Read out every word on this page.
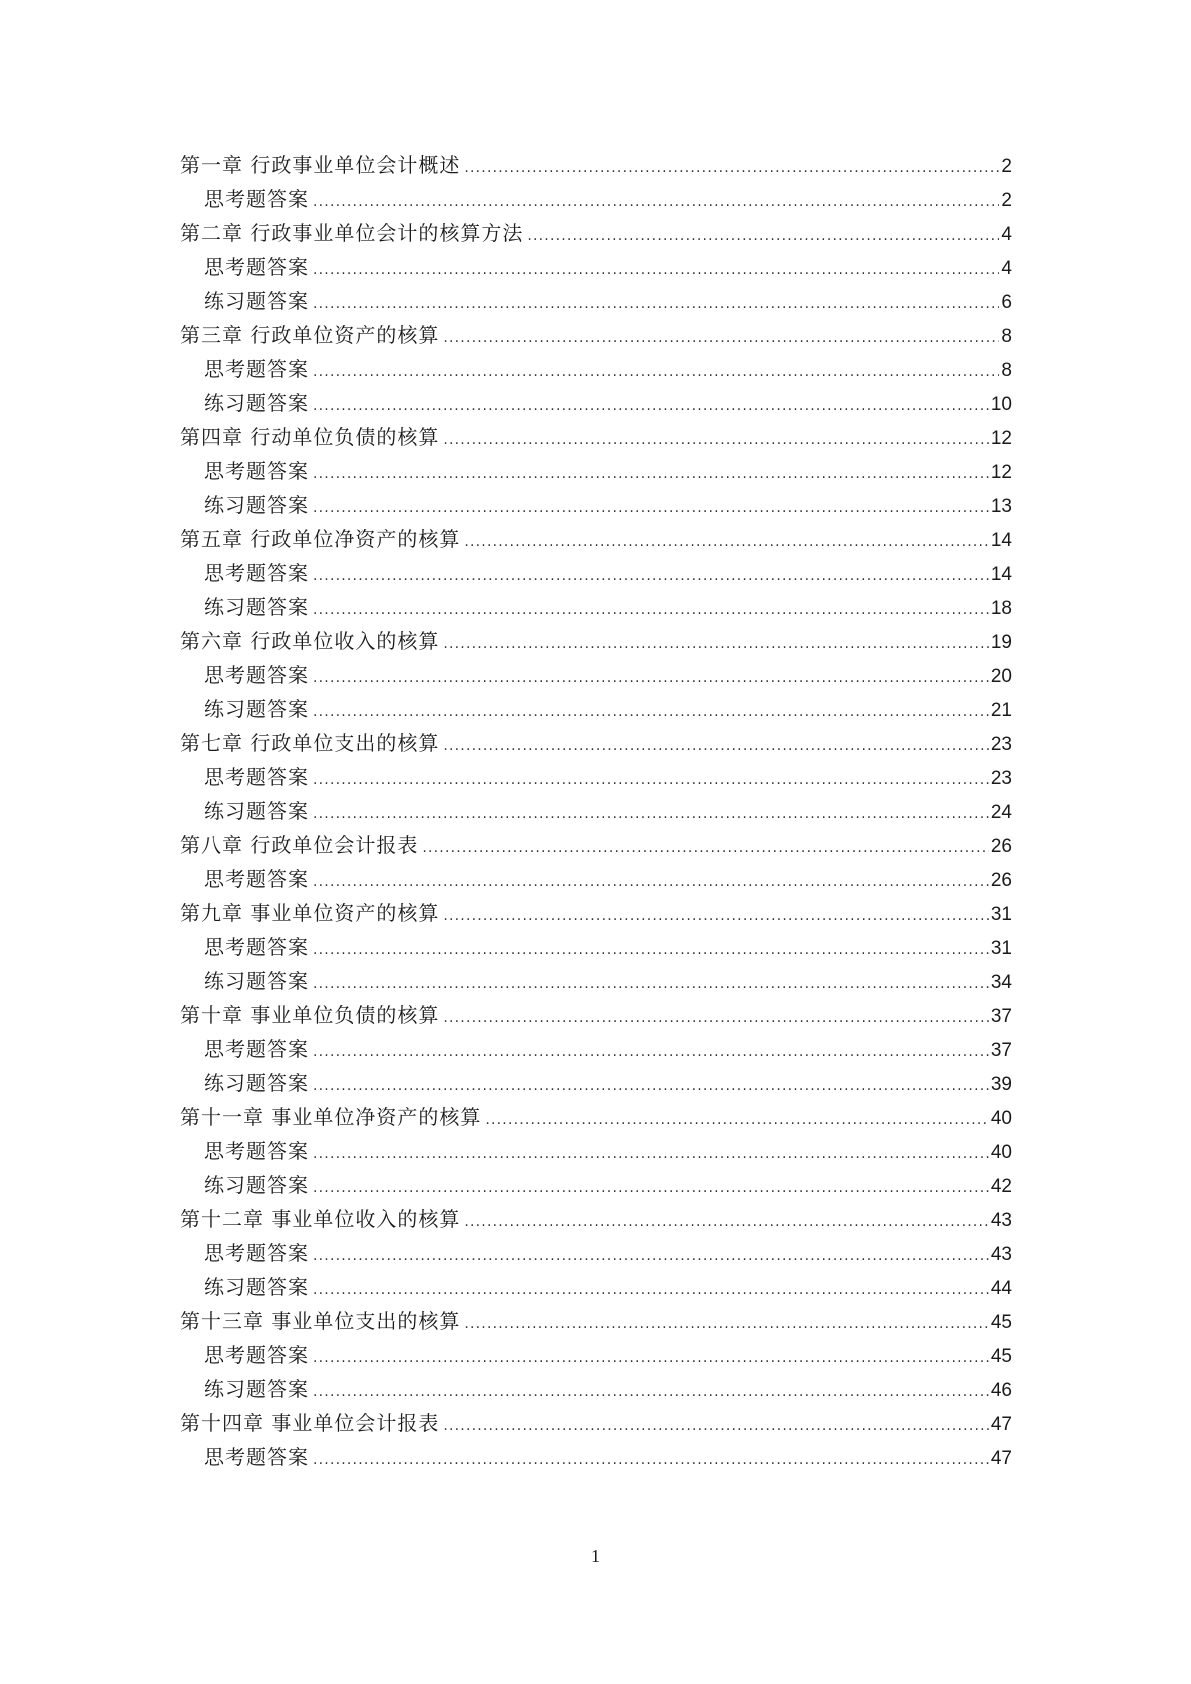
第一章 行政事业单位会计概述 .....	2
思考题答案 .....	2
第二章 行政事业单位会计的核算方法 .....	4
思考题答案 .....	4
练习题答案 .....	6
第三章 行政单位资产的核算 .....	8
思考题答案 .....	8
练习题答案 .....	10
第四章 行动单位负债的核算 .....	12
思考题答案 .....	12
练习题答案 .....	13
第五章 行政单位净资产的核算 .....	14
思考题答案 .....	14
练习题答案 .....	18
第六章 行政单位收入的核算 .....	19
思考题答案 .....	20
练习题答案 .....	21
第七章 行政单位支出的核算 .....	23
思考题答案 .....	23
练习题答案 .....	24
第八章 行政单位会计报表 .....	26
思考题答案 .....	26
第九章 事业单位资产的核算 .....	31
思考题答案 .....	31
练习题答案 .....	34
第十章 事业单位负债的核算 .....	37
思考题答案 .....	37
练习题答案 .....	39
第十一章 事业单位净资产的核算 .....	40
思考题答案 .....	40
练习题答案 .....	42
第十二章 事业单位收入的核算 .....	43
思考题答案 .....	43
练习题答案 .....	44
第十三章 事业单位支出的核算 .....	45
思考题答案 .....	45
练习题答案 .....	46
第十四章 事业单位会计报表 .....	47
思考题答案 .....	47
1
